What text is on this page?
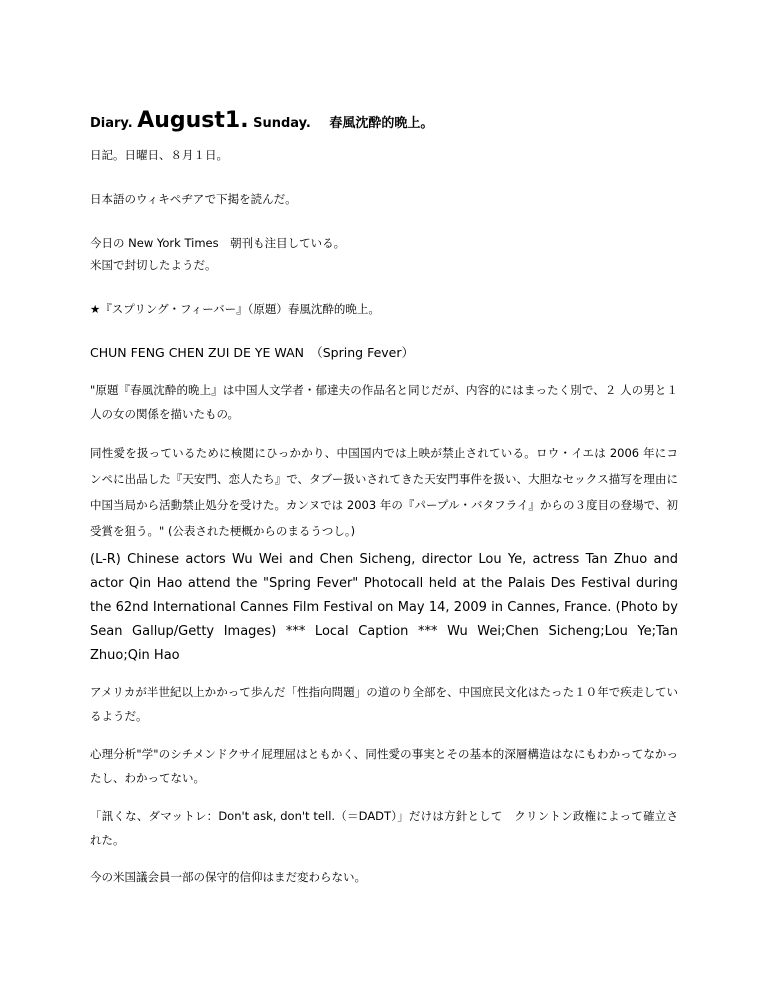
Diary. August1. Sunday. 春風沈酔的晩上。
日記。日曜日、８月１日。
日本語のウィキペヂアで下掲を読んだ。
今日の New York Times　朝刊も注目している。
米国で封切したようだ。
★『スプリング・フィーバー』（原題）春風沈酔的晩上。
CHUN FENG CHEN ZUI DE YE WAN　（Spring Fever）
"原題『春風沈酔的晩上』は中国人文学者・郁達夫の作品名と同じだが、内容的にはまったく別で、２ 人の男と１人の女の関係を描いたもの。
同性愛を扱っているために検閲にひっかかり、中国国内では上映が禁止されている。ロウ・イエは 2006 年にコンペに出品した『天安門、恋人たち』で、タブー扱いされてきた天安門事件を扱い、大胆なセックス描写を理由に中国当局から活動禁止処分を受けた。カンヌでは 2003 年の『パープル・バタフライ』からの３度目の登場で、初受賞を狙う。" (公表された梗概からのまるうつし。)
(L-R) Chinese actors Wu Wei and Chen Sicheng, director Lou Ye, actress Tan Zhuo and actor Qin Hao attend the "Spring Fever" Photocall held at the Palais Des Festival during the 62nd International Cannes Film Festival on May 14, 2009 in Cannes, France. (Photo by Sean Gallup/Getty Images) *** Local Caption *** Wu Wei;Chen Sicheng;Lou Ye;Tan Zhuo;Qin Hao
アメリカが半世紀以上かかって歩んだ「性指向問題」の道のり全部を、中国庶民文化はたった１０年で疾走しているようだ。
心理分析"学"のシチメンドクサイ屁理屈はともかく、同性愛の事実とその基本的深層構造はなにもわかってなかったし、わかってない。
「訊くな、ダマットレ：Don't ask, don't tell.（＝DADT）」だけは方針として　クリントン政権によって確立された。
今の米国議会員一部の保守的信仰はまだ変わらない。
